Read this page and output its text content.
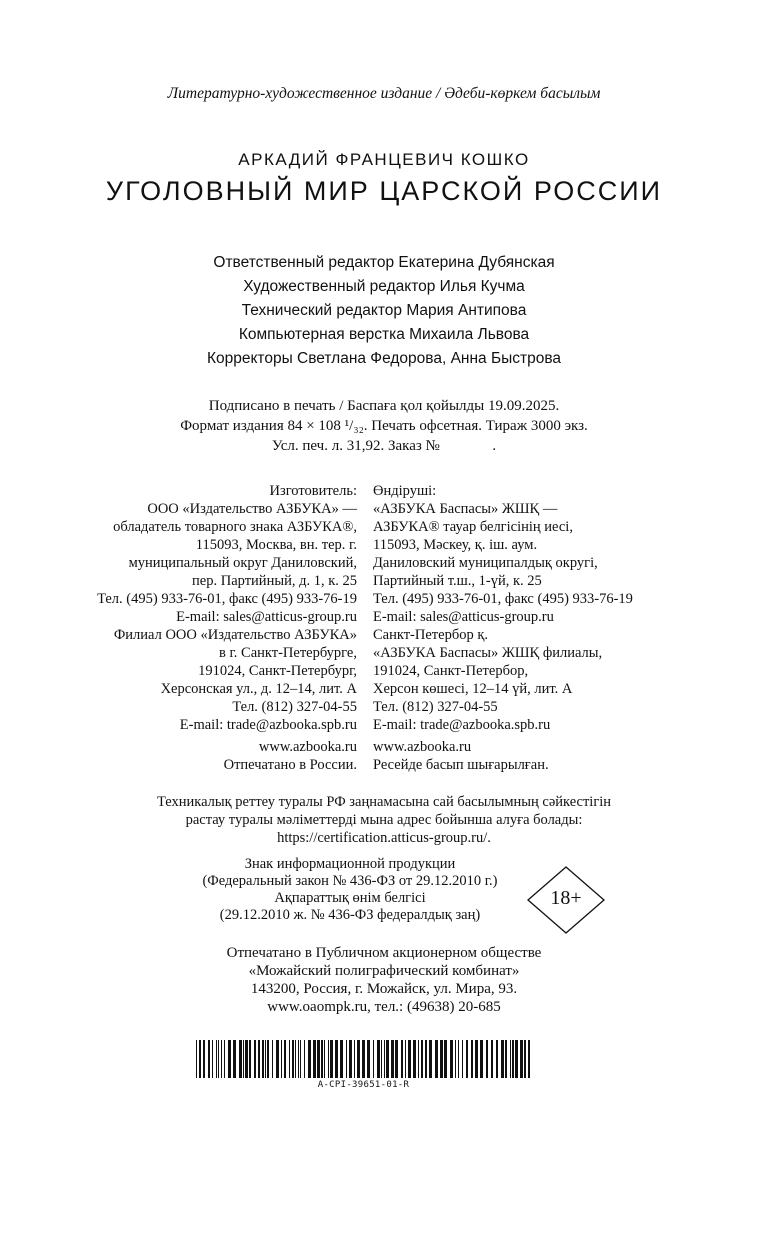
Литературно-художественное издание / Әдеби-көркем басылым
АРКАДИЙ ФРАНЦЕВИЧ КОШКО
УГОЛОВНЫЙ МИР ЦАРСКОЙ РОССИИ
Ответственный редактор Екатерина Дубянская
Художественный редактор Илья Кучма
Технический редактор Мария Антипова
Компьютерная верстка Михаила Львова
Корректоры Светлана Федорова, Анна Быстрова
Подписано в печать / Баспаға қол қойылды 19.09.2025.
Формат издания 84 × 108 ¹/₃₂. Печать офсетная. Тираж 3000 экз.
Усл. печ. л. 31,92. Заказ №              .
Изготовитель:
ООО «Издательство АЗБУКА» —
обладатель товарного знака АЗБУКА®,
115093, Москва, вн. тер. г.
муниципальный округ Даниловский,
пер. Партийный, д. 1, к. 25
Тел. (495) 933-76-01, факс (495) 933-76-19
E-mail: sales@atticus-group.ru
Өндіруші:
«АЗБУКА Баспасы» ЖШҚ —
АЗБУКА® тауар белгісінің иесі,
115093, Мәскеу, қ. іш. аум.
Даниловский муниципалдық округі,
Партийный т.ш., 1-үй, к. 25
Тел. (495) 933-76-01, факс (495) 933-76-19
E-mail: sales@atticus-group.ru
Филиал ООО «Издательство АЗБУКА»
в г. Санкт-Петербурге,
191024, Санкт-Петербург,
Херсонская ул., д. 12–14, лит. А
Тел. (812) 327-04-55
E-mail: trade@azbooka.spb.ru
Санкт-Петербор қ.
«АЗБУКА Баспасы» ЖШҚ филиалы,
191024, Санкт-Петербор,
Херсон көшесі, 12–14 үй, лит. А
Тел. (812) 327-04-55
E-mail: trade@azbooka.spb.ru
www.azbooka.ru
Отпечатано в России.
www.azbooka.ru
Ресейде басып шығарылған.
Техникалық реттеу туралы РФ заңнамасына сай басылымның сәйкестігін
растау туралы мәліметтерді мына адрес бойынша алуға болады:
https://certification.atticus-group.ru/.
Знак информационной продукции
(Федеральный закон № 436-ФЗ от 29.12.2010 г.)
Ақпараттық өнім белгісі
(29.12.2010 ж. № 436-ФЗ федералдық заң)
18+
Отпечатано в Публичном акционерном обществе
«Можайский полиграфический комбинат»
143200, Россия, г. Можайск, ул. Мира, 93.
www.oaompk.ru, тел.: (49638) 20-685
A-CPI-39651-01-R
